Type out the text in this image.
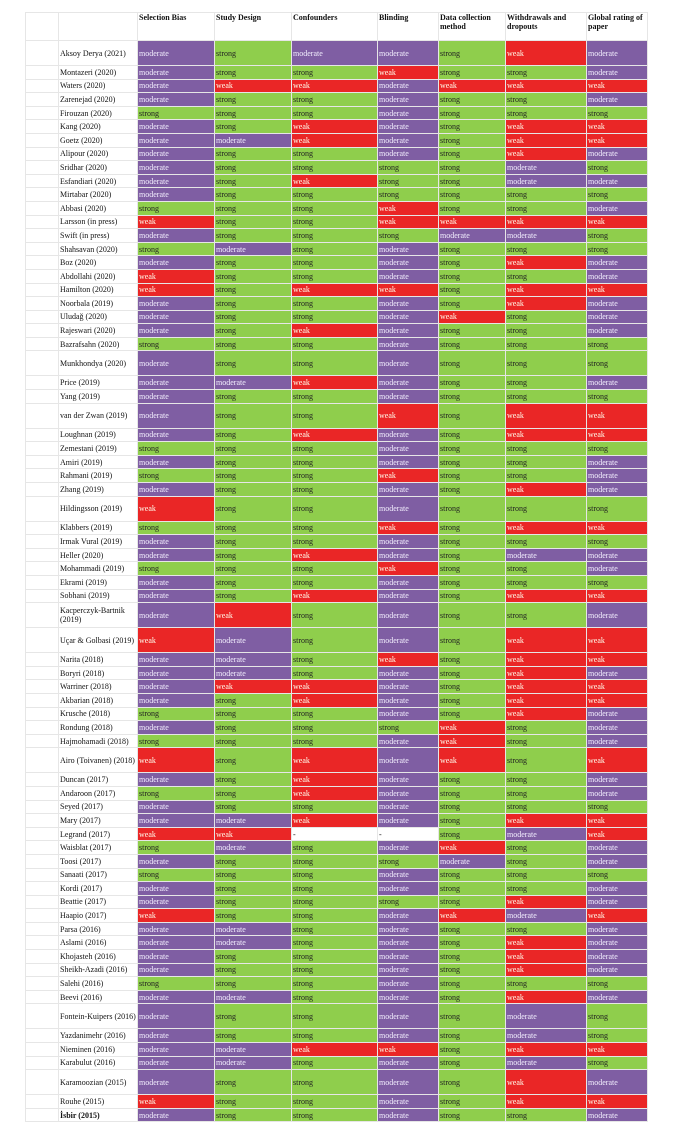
		Selection Bias	Study Design	Confounders	Blinding	Data collection method	Withdrawals and dropouts	Global rating of paper
	Aksoy Derya (2021)	moderate	strong	moderate	moderate	strong	weak	moderate
	Montazeri (2020)	moderate	strong	strong	weak	strong	strong	moderate
	Waters (2020)	moderate	weak	weak	moderate	weak	weak	weak
	Zarenejad (2020)	moderate	strong	strong	moderate	strong	strong	moderate
	Firouzan (2020)	strong	strong	strong	moderate	strong	strong	strong
	Kang (2020)	moderate	strong	weak	moderate	strong	weak	weak
	Goetz (2020)	moderate	moderate	weak	moderate	strong	weak	weak
	Alipour (2020)	moderate	strong	strong	moderate	strong	weak	moderate
	Sridhar (2020)	moderate	strong	strong	strong	strong	moderate	strong
	Esfandiari (2020)	moderate	strong	weak	strong	strong	moderate	moderate
	Mirtabar (2020)	moderate	strong	strong	strong	strong	strong	strong
	Abbasi (2020)	strong	strong	strong	weak	strong	strong	moderate
	Larsson (in press)	weak	strong	strong	weak	weak	weak	weak
	Swift (in press)	moderate	strong	strong	strong	moderate	moderate	strong
	Shahsavan (2020)	strong	moderate	strong	moderate	strong	strong	strong
	Boz (2020)	moderate	strong	strong	moderate	strong	weak	moderate
	Abdollahi (2020)	weak	strong	strong	moderate	strong	strong	moderate
	Hamilton (2020)	weak	strong	weak	weak	strong	weak	weak
	Noorbala (2019)	moderate	strong	strong	moderate	strong	weak	moderate
	Uludağ (2020)	moderate	strong	strong	moderate	weak	strong	moderate
	Rajeswari (2020)	moderate	strong	weak	moderate	strong	strong	moderate
	Bazrafsahn (2020)	strong	strong	strong	moderate	strong	strong	strong
	Munkhondya (2020)	moderate	strong	strong	moderate	strong	strong	strong
	Price (2019)	moderate	moderate	weak	moderate	strong	strong	moderate
	Yang (2019)	moderate	strong	strong	moderate	strong	strong	strong
	van der Zwan (2019)	moderate	strong	strong	weak	strong	weak	weak
	Loughnan (2019)	moderate	strong	weak	moderate	strong	weak	weak
	Zemestani (2019)	strong	strong	strong	moderate	strong	strong	strong
	Amiri (2019)	moderate	strong	strong	moderate	strong	strong	moderate
	Rahmani (2019)	strong	strong	strong	weak	strong	strong	moderate
	Zhang (2019)	moderate	strong	strong	moderate	strong	weak	moderate
	Hildingsson (2019)	weak	strong	strong	moderate	strong	strong	strong
	Klabbers (2019)	strong	strong	strong	weak	strong	weak	weak
	Irmak Vural (2019)	moderate	strong	strong	moderate	strong	strong	strong
	Heller (2020)	moderate	strong	weak	moderate	strong	moderate	moderate
	Mohammadi (2019)	strong	strong	strong	weak	strong	strong	moderate
	Ekrami (2019)	moderate	strong	strong	moderate	strong	strong	strong
	Sobhani (2019)	moderate	strong	weak	moderate	strong	weak	weak
	Kacperczyk-Bartnik (2019)	moderate	weak	strong	moderate	strong	strong	moderate
	Uçar & Golbasi (2019)	weak	moderate	strong	moderate	strong	weak	weak
	Narita (2018)	moderate	moderate	strong	weak	strong	weak	weak
	Boryri (2018)	moderate	moderate	strong	moderate	strong	weak	moderate
	Warriner (2018)	moderate	weak	weak	moderate	strong	weak	weak
	Akbarian (2018)	moderate	strong	weak	moderate	strong	weak	weak
	Krusche (2018)	strong	strong	strong	moderate	strong	weak	moderate
	Rondung (2018)	moderate	strong	strong	strong	weak	strong	moderate
	Hajmohamadi (2018)	strong	strong	strong	moderate	weak	strong	moderate
	Airo (Toivanen) (2018)	weak	strong	weak	moderate	weak	strong	weak
	Duncan (2017)	moderate	strong	weak	moderate	strong	strong	moderate
	Andaroon (2017)	strong	strong	weak	moderate	strong	strong	moderate
	Seyed (2017)	moderate	strong	strong	moderate	strong	strong	strong
	Mary (2017)	moderate	moderate	weak	moderate	strong	weak	weak
	Legrand (2017)	weak	weak	-	-	strong	moderate	weak
	Waisblat (2017)	strong	moderate	strong	moderate	weak	strong	moderate
	Toosi (2017)	moderate	strong	strong	strong	moderate	strong	moderate
	Sanaati (2017)	strong	strong	strong	moderate	strong	strong	strong
	Kordi (2017)	moderate	strong	strong	moderate	strong	strong	moderate
	Beattie (2017)	moderate	strong	strong	strong	strong	weak	moderate
	Haapio (2017)	weak	strong	strong	moderate	weak	moderate	weak
	Parsa (2016)	moderate	moderate	strong	moderate	strong	strong	moderate
	Aslami (2016)	moderate	moderate	strong	moderate	strong	weak	moderate
	Khojasteh (2016)	moderate	strong	strong	moderate	strong	weak	moderate
	Sheikh-Azadi (2016)	moderate	strong	strong	moderate	strong	weak	moderate
	Salehi (2016)	strong	strong	strong	moderate	strong	strong	strong
	Beevi (2016)	moderate	moderate	strong	moderate	strong	weak	moderate
	Fontein-Kuipers (2016)	moderate	strong	strong	moderate	strong	moderate	strong
	Yazdanimehr (2016)	moderate	strong	strong	moderate	strong	moderate	strong
	Nieminen (2016)	moderate	moderate	weak	weak	strong	weak	weak
	Karabulut (2016)	moderate	moderate	strong	moderate	strong	moderate	strong
	Karamoozian (2015)	moderate	strong	strong	moderate	strong	weak	moderate
	Rouhe (2015)	weak	strong	strong	moderate	strong	weak	weak
	İsbir (2015)	moderate	strong	strong	moderate	strong	strong	moderate
